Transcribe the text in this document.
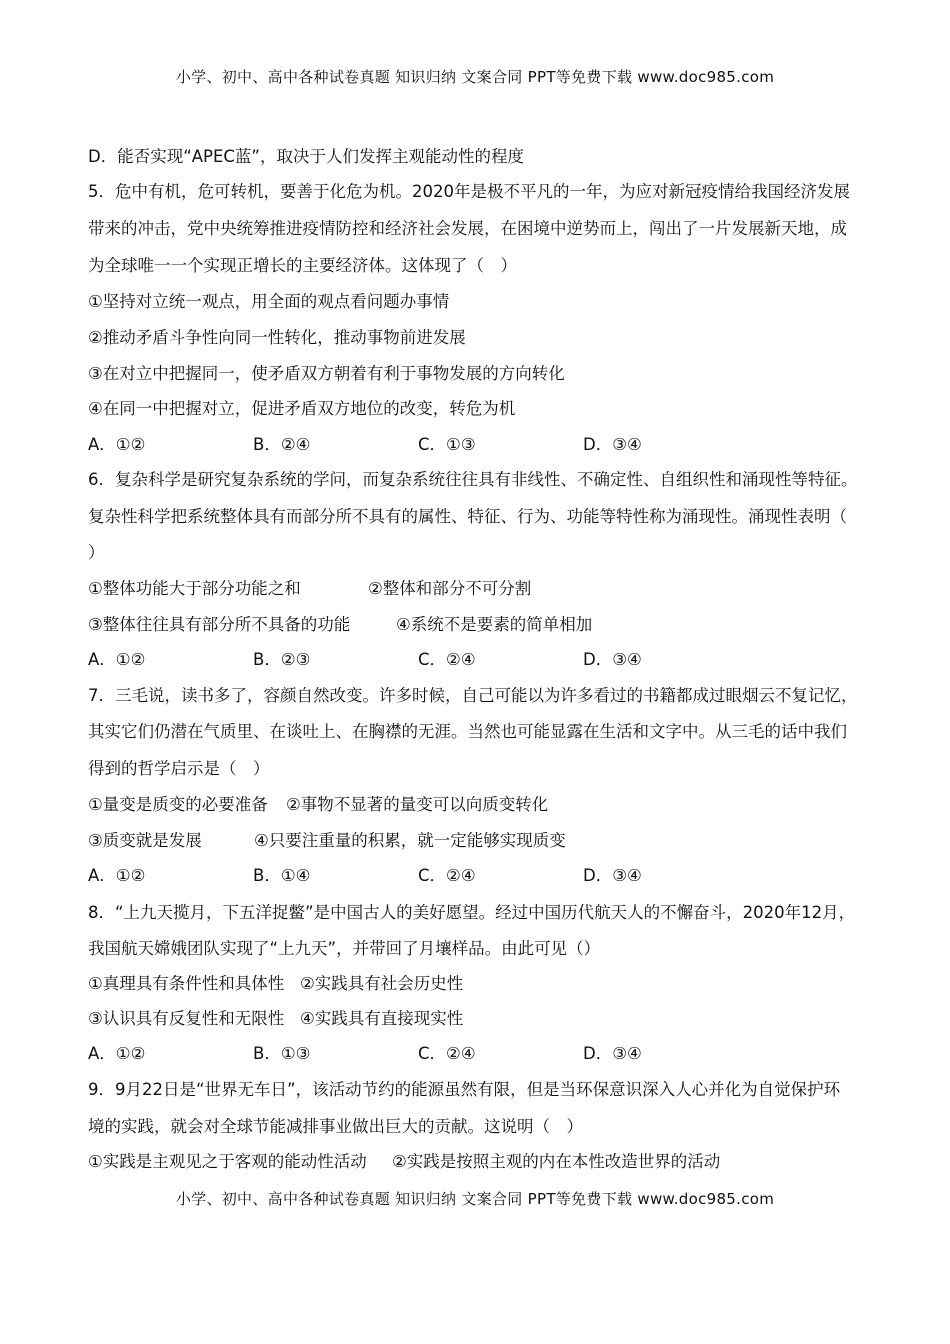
小学、初中、高中各种试卷真题 知识归纳 文案合同 PPT等免费下载 www.doc985.com
D．能否实现“APEC蓝”，取决于人们发挥主观能动性的程度
5．危中有机，危可转机，要善于化危为机。2020年是极不平凡的一年，为应对新冠疫情给我国经济发展
带来的冲击，党中央统筹推进疫情防控和经济社会发展，在困境中逆势而上，闯出了一片发展新天地，成
为全球唯一一个实现正增长的主要经济体。这体现了（　）
①坚持对立统一观点，用全面的观点看问题办事情
②推动矛盾斗争性向同一性转化，推动事物前进发展
③在对立中把握同一，使矛盾双方朝着有利于事物发展的方向转化
④在同一中把握对立，促进矛盾双方地位的改变，转危为机
A．①②	B．②④	C．①③	D．③④
6．复杂科学是研究复杂系统的学问，而复杂系统往往具有非线性、不确定性、自组织性和涌现性等特征。
复杂性科学把系统整体具有而部分所不具有的属性、特征、行为、功能等特性称为涌现性。涌现性表明（
）
①整体功能大于部分功能之和	②整体和部分不可分割
③整体往往具有部分所不具备的功能	④系统不是要素的简单相加
A．①②	B．②③	C．②④	D．③④
7．三毛说，读书多了，容颜自然改变。许多时候，自己可能以为许多看过的书籍都成过眼烟云不复记忆，
其实它们仍潜在气质里、在谈吐上、在胸襟的无涯。当然也可能显露在生活和文字中。从三毛的话中我们
得到的哲学启示是（　）
①量变是质变的必要准备 ②事物不显著的量变可以向质变转化
③质变就是发展	④只要注重量的积累，就一定能够实现质变
A．①②	B．①④	C．②④	D．③④
8．“上九天揽月，下五洋捉鳖”是中国古人的美好愿望。经过中国历代航天人的不懈奋斗，2020年12月，
我国航天嫦娥团队实现了“上九天”，并带回了月壤样品。由此可见（）
①真理具有条件性和具体性 ②实践具有社会历史性
③认识具有反复性和无限性 ④实践具有直接现实性
A．①②	B．①③	C．②④	D．③④
9．9月22日是“世界无车日”，该活动节约的能源虽然有限，但是当环保意识深入人心并化为自觉保护环
境的实践，就会对全球节能减排事业做出巨大的贡献。这说明（　）
①实践是主观见之于客观的能动性活动 ②实践是按照主观的内在本性改造世界的活动
小学、初中、高中各种试卷真题 知识归纳 文案合同 PPT等免费下载 www.doc985.com
